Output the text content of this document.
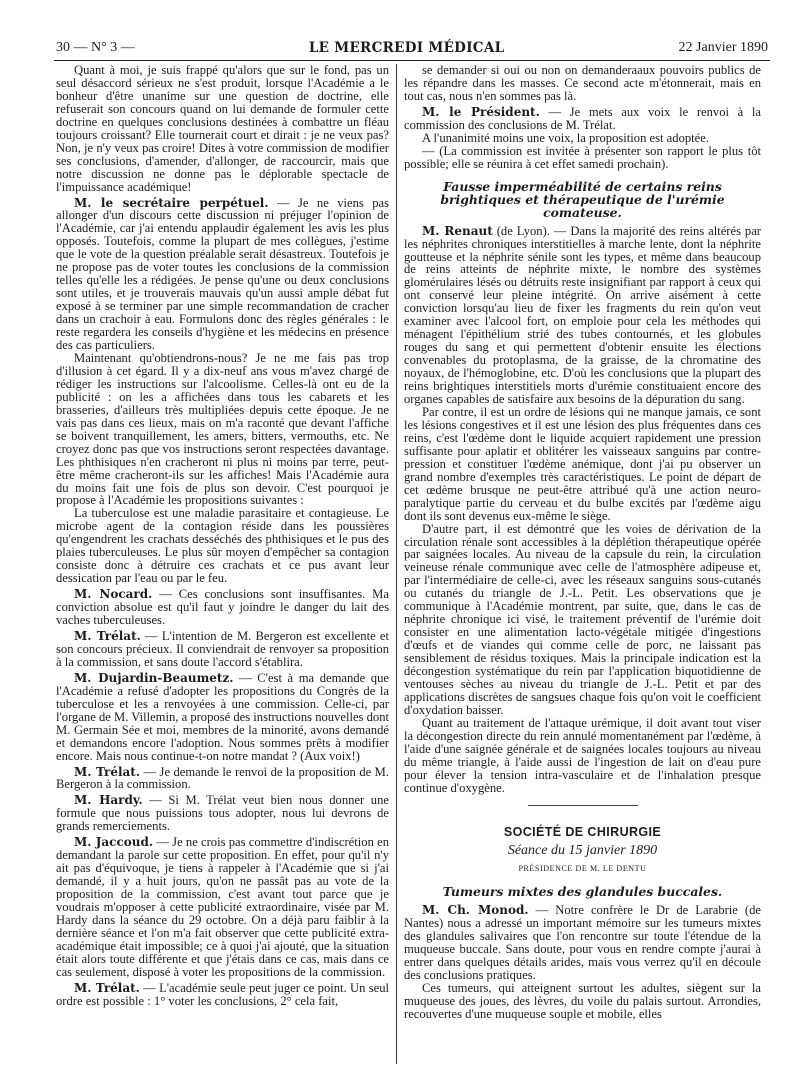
30 — N° 3 —	LE MERCREDI MÉDICAL	22 Janvier 1890

Quant à moi, je suis frappé qu'alors que sur le fond, pas un seul désaccord sérieux ne s'est produit, lorsque l'Académie a le bonheur d'être unanime sur une question de doctrine, elle refuserait son concours quand on lui demande de formuler cette doctrine en quelques conclusions destinées à combattre un fléau toujours croissant? Elle tournerait court et dirait : je ne veux pas? Non, je n'y veux pas croire! Dites à votre commission de modifier ses conclusions, d'amender, d'allonger, de raccourcir, mais que notre discussion ne donne pas le déplorable spectacle de l'impuissance académique!

M. le secrétaire perpétuel. — Je ne viens pas allonger d'un discours cette discussion ni préjuger l'opinion de l'Académie, car j'ai entendu applaudir également les avis les plus opposés. Toutefois, comme la plupart de mes collègues, j'estime que le vote de la question préalable serait désastreux. Toutefois je ne propose pas de voter toutes les conclusions de la commission telles qu'elle les a rédigées. Je pense qu'une ou deux conclusions sont utiles, et je trouverais mauvais qu'un aussi ample débat fut exposé à se terminer par une simple recommandation de cracher dans un crachoir à eau. Formulons donc des règles générales : le reste regardera les conseils d'hygiène et les médecins en présence des cas particuliers.

Maintenant qu'obtiendrons-nous? Je ne me fais pas trop d'illusion à cet égard. Il y a dix-neuf ans vous m'avez chargé de rédiger les instructions sur l'alcoolisme. Celles-là ont eu de la publicité : on les a affichées dans tous les cabarets et les brasseries, d'ailleurs très multipliées depuis cette époque. Je ne vais pas dans ces lieux, mais on m'a raconté que devant l'affiche se boivent tranquillement, les amers, bitters, vermouths, etc. Ne croyez donc pas que vos instructions seront respectées davantage. Les phthisiques n'en cracheront ni plus ni moins par terre, peut-être même cracheront-ils sur les affiches! Mais l'Académie aura du moins fait une fois de plus son devoir. C'est pourquoi je propose à l'Académie les propositions suivantes :

La tuberculose est une maladie parasitaire et contagieuse. Le microbe agent de la contagion réside dans les poussières qu'engendrent les crachats desséchés des phthisiques et le pus des plaies tuberculeuses. Le plus sûr moyen d'empêcher sa contagion consiste donc à détruire ces crachats et ce pus avant leur dessication par l'eau ou par le feu.

M. Nocard. — Ces conclusions sont insuffisantes. Ma conviction absolue est qu'il faut y joindre le danger du lait des vaches tuberculeuses.

M. Trélat. — L'intention de M. Bergeron est excellente et son concours précieux. Il conviendrait de renvoyer sa proposition à la commission, et sans doute l'accord s'établira.

M. Dujardin-Beaumetz. — C'est à ma demande que l'Académie a refusé d'adopter les propositions du Congrès de la tuberculose et les a renvoyées à une commission. Celle-ci, par l'organe de M. Villemin, a proposé des instructions nouvelles dont M. Germain Sée et moi, membres de la minorité, avons demandé et demandons encore l'adoption. Nous sommes prêts à modifier encore. Mais nous continue-t-on notre mandat ? (Aux voix!)

M. Trélat. — Je demande le renvoi de la proposition de M. Bergeron à la commission.

M. Hardy. — Si M. Trélat veut bien nous donner une formule que nous puissions tous adopter, nous lui devrons de grands remerciements.

M. Jaccoud. — Je ne crois pas commettre d'indiscrétion en demandant la parole sur cette proposition. En effet, pour qu'il n'y ait pas d'équivoque, je tiens à rappeler à l'Académie que si j'ai demandé, il y a huit jours, qu'on ne passât pas au vote de la proposition de la commission, c'est avant tout parce que je voudrais m'opposer à cette publicité extraordinaire, visée par M. Hardy dans la séance du 29 octobre. On a déjà paru faiblir à la dernière séance et l'on m'a fait observer que cette publicité extra-académique était impossible; ce à quoi j'ai ajouté, que la situation était alors toute différente et que j'étais dans ce cas, mais dans ce cas seulement, disposé à voter les propositions de la commission.

M. Trélat. — L'académie seule peut juger ce point. Un seul ordre est possible : 1° voter les conclusions, 2° cela fait,

se demander si oui ou non on demanderaaux pouvoirs publics de les répandre dans les masses. Ce second acte m'étonnerait, mais en tout cas, nous n'en sommes pas là.

M. le Président. — Je mets aux voix le renvoi à la commission des conclusions de M. Trélat.

A l'unanimité moins une voix, la proposition est adoptée.

— (La commission est invitée à présenter son rapport le plus tôt possible; elle se réunira à cet effet samedi prochain).

Fausse imperméabilité de certains reins brightiques et thérapeutique de l'urémie comateuse.

M. Renaut (de Lyon). — Dans la majorité des reins altérés par les néphrites chroniques interstitielles à marche lente, dont la néphrite goutteuse et la néphrite sénile sont les types, et même dans beaucoup de reins atteints de néphrite mixte, le nombre des systèmes glomérulaires lésés ou détruits reste insignifiant par rapport à ceux qui ont conservé leur pleine intégrité. On arrive aisément à cette conviction lorsqu'au lieu de fixer les fragments du rein qu'on veut examiner avec l'alcool fort, on emploie pour cela les méthodes qui ménagent l'épithélium strié des tubes contournés, et les globules rouges du sang et qui permettent d'obtenir ensuite les élections convenables du protoplasma, de la graisse, de la chromatine des noyaux, de l'hémoglobine, etc. D'où les conclusions que la plupart des reins brightiques interstitiels morts d'urémie constituaient encore des organes capables de satisfaire aux besoins de la dépuration du sang.

Par contre, il est un ordre de lésions qui ne manque jamais, ce sont les lésions congestives et il est une lésion des plus fréquentes dans ces reins, c'est l'œdème dont le liquide acquiert rapidement une pression suffisante pour aplatir et oblitérer les vaisseaux sanguins par contre-pression et constituer l'œdème anémique, dont j'ai pu observer un grand nombre d'exemples très caractéristiques. Le point de départ de cet œdème brusque ne peut-être attribué qu'à une action neuro-paralytique partie du cerveau et du bulbe excités par l'œdème aigu dont ils sont devenus eux-même le siège.

D'autre part, il est démontré que les voies de dérivation de la circulation rénale sont accessibles à la déplétion thérapeutique opérée par saignées locales. Au niveau de la capsule du rein, la circulation veineuse rénale communique avec celle de l'atmosphère adipeuse et, par l'intermédiaire de celle-ci, avec les réseaux sanguins sous-cutanés ou cutanés du triangle de J.-L. Petit. Les observations que je communique à l'Académie montrent, par suite, que, dans le cas de néphrite chronique ici visé, le traitement préventif de l'urémie doit consister en une alimentation lacto-végétale mitigée d'ingestions d'œufs et de viandes qui comme celle de porc, ne laissant pas sensiblement de résidus toxiques. Mais la principale indication est la décongestion systématique du rein par l'application biquotidienne de ventouses sèches au niveau du triangle de J.-L. Petit et par des applications discrètes de sangsues chaque fois qu'on voit le coefficient d'oxydation baisser.

Quant au traitement de l'attaque urémique, il doit avant tout viser la décongestion directe du rein annulé momentanément par l'œdème, à l'aide d'une saignée générale et de saignées locales toujours au niveau du même triangle, à l'aide aussi de l'ingestion de lait on d'eau pure pour élever la tension intra-vasculaire et de l'inhalation presque continue d'oxygène.

SOCIÉTÉ DE CHIRURGIE
Séance du 15 janvier 1890
PRÉSIDENCE DE M. LE DENTU
Tumeurs mixtes des glandules buccales.

M. Ch. Monod. — Notre confrère le Dr de Larabrie (de Nantes) nous a adressé un important mémoire sur les tumeurs mixtes des glandules salivaires que l'on rencontre sur toute l'étendue de la muqueuse buccale. Sans doute, pour vous en rendre compte j'aurai à entrer dans quelques détails arides, mais vous verrez qu'il en découle des conclusions pratiques.

Ces tumeurs, qui atteignent surtout les adultes, siègent sur la muqueuse des joues, des lèvres, du voile du palais surtout. Arrondies, recouvertes d'une muqueuse souple et mobile, elles
